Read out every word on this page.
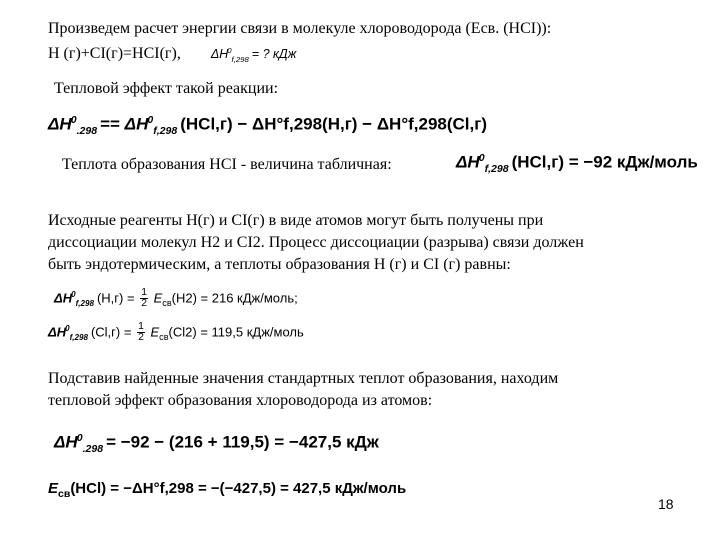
Произведем расчет энергии связи в молекуле хлороводорода (Eсв. (HCI)):
H (г)+CI(г)=HCI(г), $\Delta H^0_{f,298}$ = ? кДж
Тепловой эффект такой реакции:
$\Delta H^0_{.298} == \Delta H^0_{f,298}$ (HCl,г) − ΔH°f,298(H,г) − ΔH°f,298(Cl,г)
Теплота образования HCI - величина табличная:	$\Delta H^0_{f,298}$ (HCl,г) = −92 кДж/моль
Исходные реагенты H(г) и CI(г) в виде атомов могут быть получены при
диссоциации молекул H2 и CI2. Процесс диссоциации (разрыва) связи должен
быть эндотермическим, а теплоты образования H (г) и CI (г) равны:
$\Delta H^0_{f,298}$ $(H,г) = \frac{1}{2} E_{св}(H2) = 216$ кДж/моль;
$\Delta H^0_{f,298}$ $(Cl,г) = \frac{1}{2} E_{св}(Cl2) = 119,5$ кДж/моль
Подставив найденные значения стандартных теплот образования, находим
тепловой эффект образования хлороводорода из атомов:
$\Delta H^0_{.298} = -92 - (216 + 119,5) = -427,5$ кДж
$E_{св}(HCl) = -\Delta H^\circ f,298 = -(-427,5) = 427,5$ кДж/моль
18
